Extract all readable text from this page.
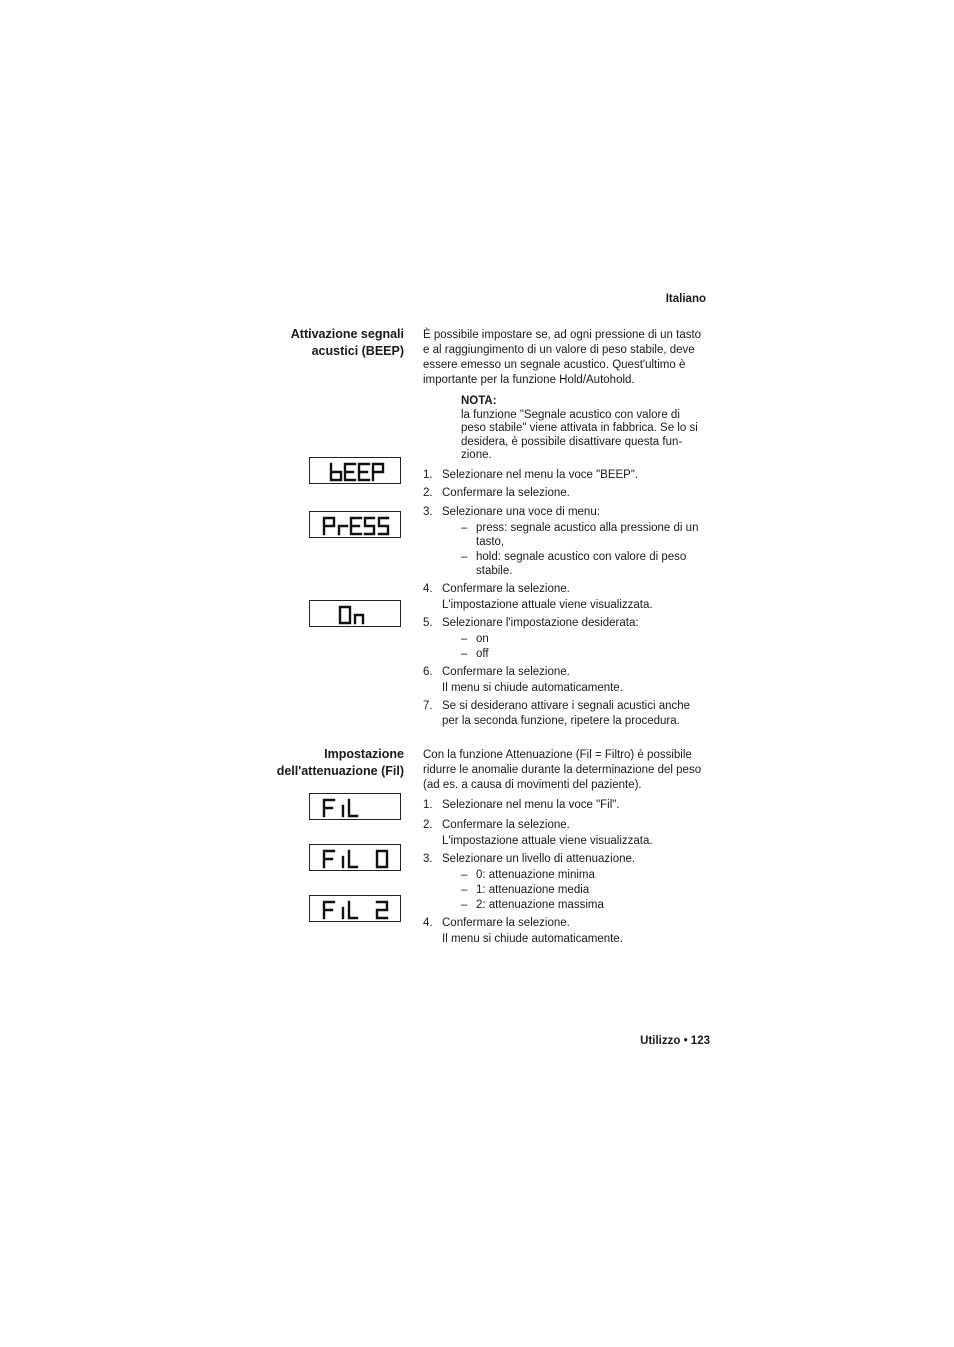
Italiano
Attivazione segnali
acustici (BEEP)
È possibile impostare se, ad ogni pressione di un tasto
e al raggiungimento di un valore di peso stabile, deve
essere emesso un segnale acustico. Quest'ultimo è
importante per la funzione Hold/Autohold.
NOTA:
la funzione "Segnale acustico con valore di
peso stabile" viene attivata in fabbrica. Se lo si
desidera, è possibile disattivare questa fun-
zione.
1. Selezionare nel menu la voce "BEEP".
2. Confermare la selezione.
3. Selezionare una voce di menu:
– press: segnale acustico alla pressione di un
tasto,
– hold: segnale acustico con valore di peso
stabile.
4. Confermare la selezione.
L'impostazione attuale viene visualizzata.
5. Selezionare l'impostazione desiderata:
– on
– off
6. Confermare la selezione.
Il menu si chiude automaticamente.
7. Se si desiderano attivare i segnali acustici anche
per la seconda funzione, ripetere la procedura.
Impostazione
dell'attenuazione (Fil)
Con la funzione Attenuazione (Fil = Filtro) è possibile
ridurre le anomalie durante la determinazione del peso
(ad es. a causa di movimenti del paziente).
1. Selezionare nel menu la voce "Fil".
2. Confermare la selezione.
L'impostazione attuale viene visualizzata.
3. Selezionare un livello di attenuazione.
– 0: attenuazione minima
– 1: attenuazione media
– 2: attenuazione massima
4. Confermare la selezione.
Il menu si chiude automaticamente.
Utilizzo • 123
